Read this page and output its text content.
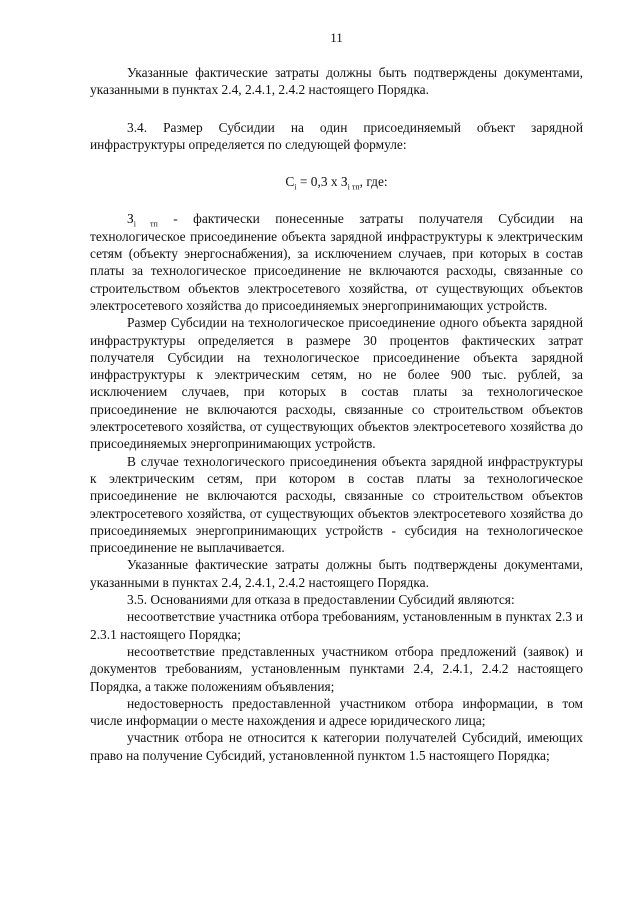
11

Указанные фактические затраты должны быть подтверждены документами, указанными в пунктах 2.4, 2.4.1, 2.4.2 настоящего Порядка.

3.4. Размер Субсидии на один присоединяемый объект зарядной инфраструктуры определяется по следующей формуле:

$С_i = 0,3$ x $З_{i тп}$, где:

$З_{i тп}$ - фактически понесенные затраты получателя Субсидии на технологическое присоединение объекта зарядной инфраструктуры к электрическим сетям (объекту энергоснабжения), за исключением случаев, при которых в состав платы за технологическое присоединение не включаются расходы, связанные со строительством объектов электросетевого хозяйства, от существующих объектов электросетевого хозяйства до присоединяемых энергопринимающих устройств.

Размер Субсидии на технологическое присоединение одного объекта зарядной инфраструктуры определяется в размере 30 процентов фактических затрат получателя Субсидии на технологическое присоединение объекта зарядной инфраструктуры к электрическим сетям, но не более 900 тыс. рублей, за исключением случаев, при которых в состав платы за технологическое присоединение не включаются расходы, связанные со строительством объектов электросетевого хозяйства, от существующих объектов электросетевого хозяйства до присоединяемых энергопринимающих устройств.

В случае технологического присоединения объекта зарядной инфраструктуры к электрическим сетям, при котором в состав платы за технологическое присоединение не включаются расходы, связанные со строительством объектов электросетевого хозяйства, от существующих объектов электросетевого хозяйства до присоединяемых энергопринимающих устройств - субсидия на технологическое присоединение не выплачивается.

Указанные фактические затраты должны быть подтверждены документами, указанными в пунктах 2.4, 2.4.1, 2.4.2 настоящего Порядка.

3.5. Основаниями для отказа в предоставлении Субсидий являются:

несоответствие участника отбора требованиям, установленным в пунктах 2.3 и 2.3.1 настоящего Порядка;

несоответствие представленных участником отбора предложений (заявок) и документов требованиям, установленным пунктами 2.4, 2.4.1, 2.4.2 настоящего Порядка, а также положениям объявления;

недостоверность предоставленной участником отбора информации, в том числе информации о месте нахождения и адресе юридического лица;

участник отбора не относится к категории получателей Субсидий, имеющих право на получение Субсидий, установленной пунктом 1.5 настоящего Порядка;
